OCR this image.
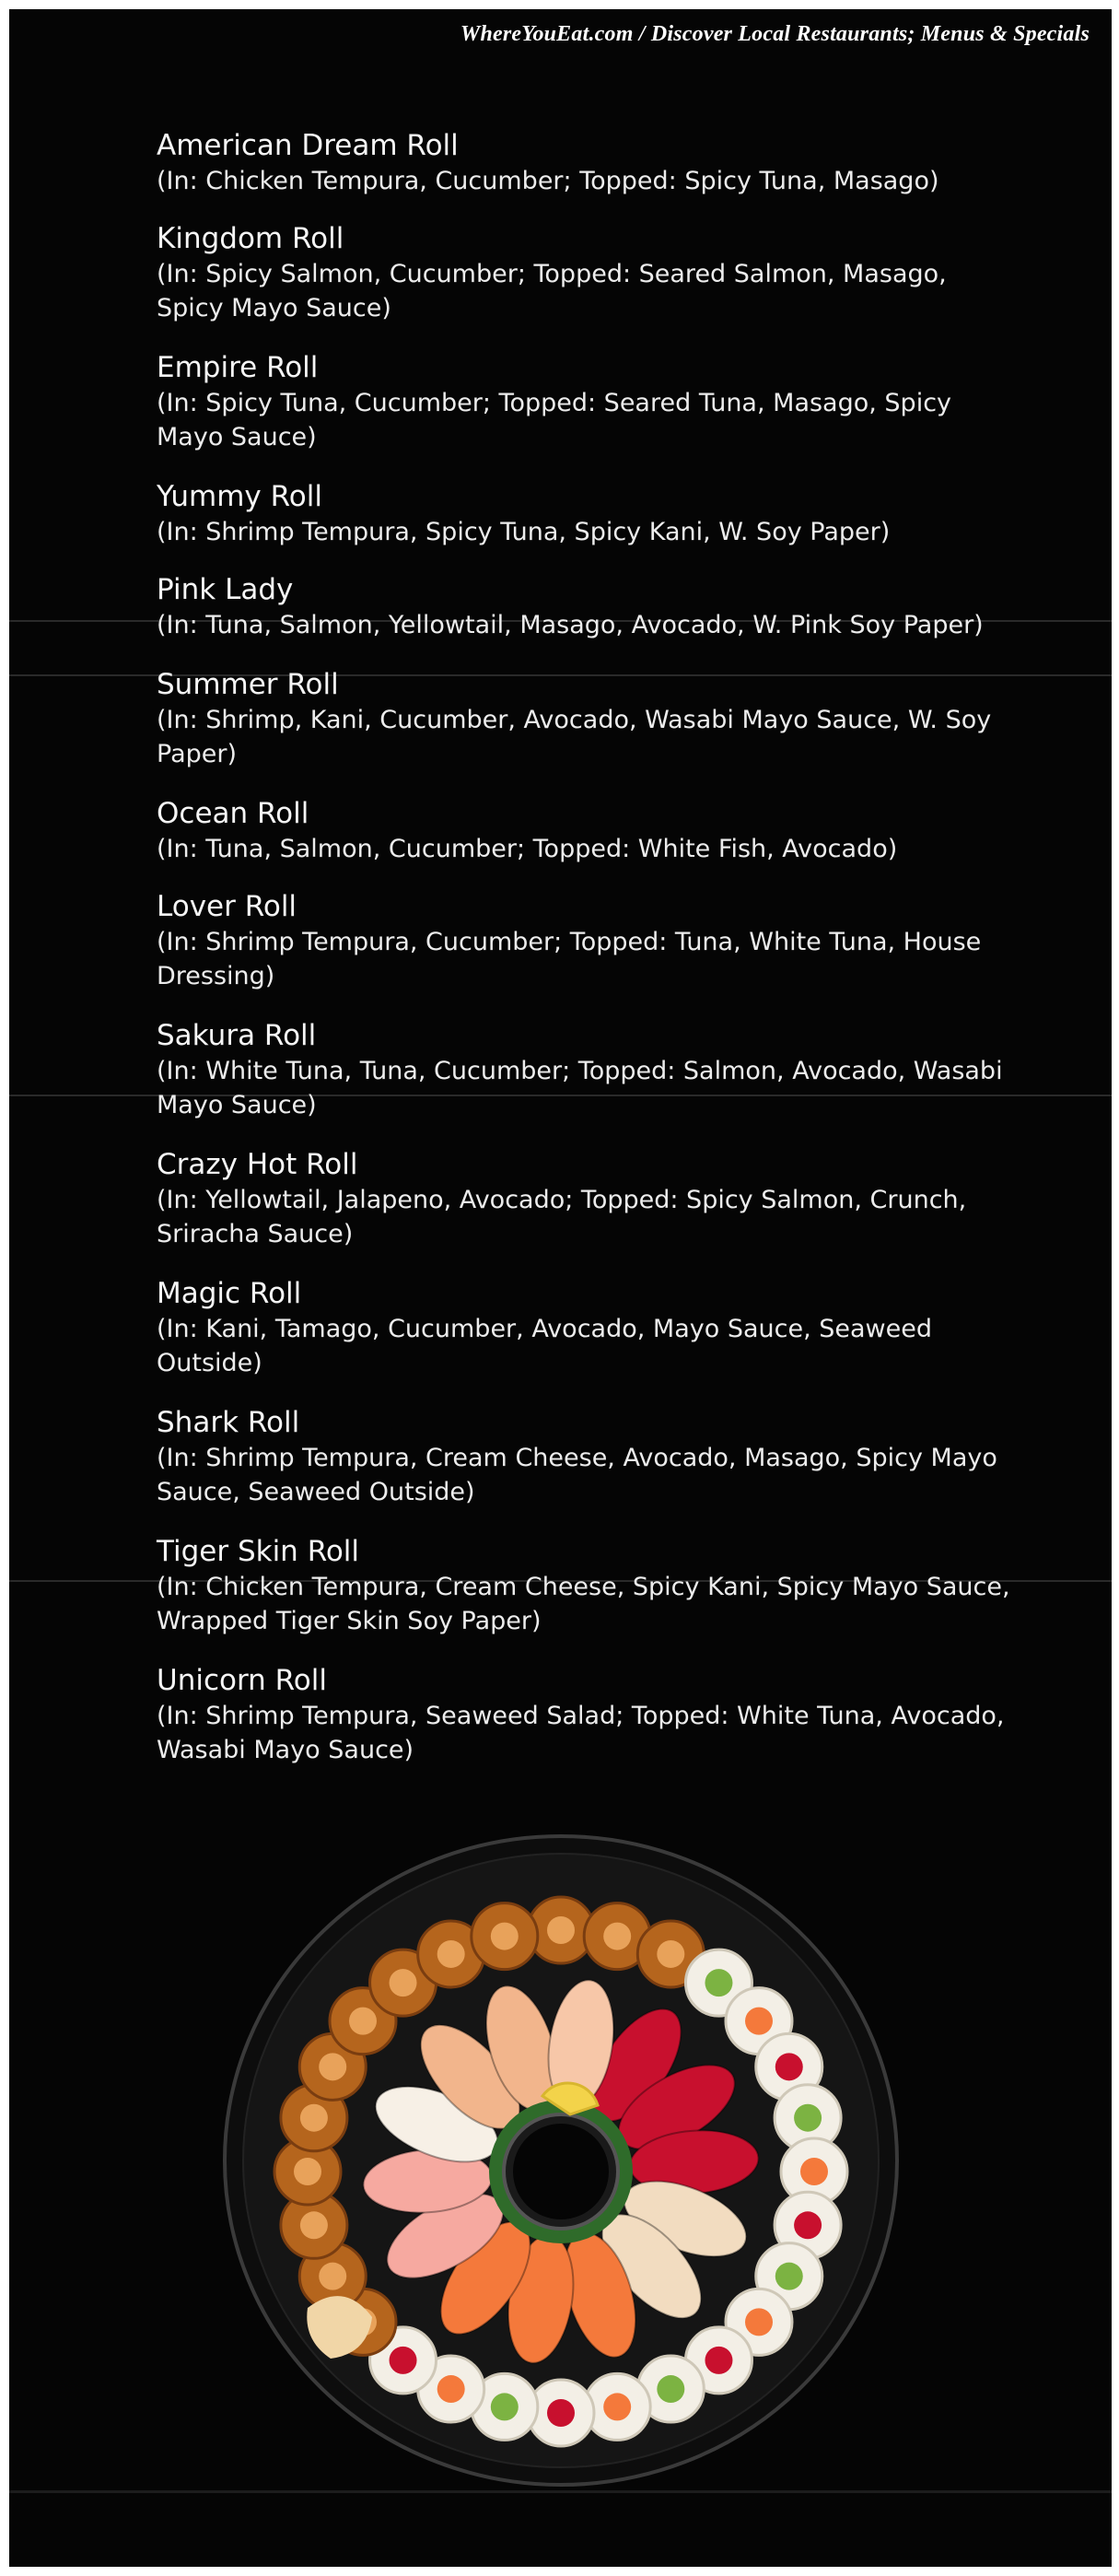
WhereYouEat.com / Discover Local Restaurants; Menus & Specials
American Dream Roll
(In: Chicken Tempura, Cucumber; Topped: Spicy Tuna, Masago)
Kingdom Roll
(In: Spicy Salmon, Cucumber; Topped: Seared Salmon, Masago, Spicy Mayo Sauce)
Empire Roll
(In: Spicy Tuna, Cucumber; Topped: Seared Tuna, Masago, Spicy Mayo Sauce)
Yummy Roll
(In: Shrimp Tempura, Spicy Tuna, Spicy Kani, W. Soy Paper)
Pink Lady
(In: Tuna, Salmon, Yellowtail, Masago, Avocado, W. Pink Soy Paper)
Summer Roll
(In: Shrimp, Kani, Cucumber, Avocado, Wasabi Mayo Sauce, W. Soy Paper)
Ocean Roll
(In: Tuna, Salmon, Cucumber; Topped: White Fish, Avocado)
Lover Roll
(In: Shrimp Tempura, Cucumber; Topped: Tuna, White Tuna, House Dressing)
Sakura Roll
(In: White Tuna, Tuna, Cucumber; Topped: Salmon, Avocado, Wasabi Mayo Sauce)
Crazy Hot Roll
(In: Yellowtail, Jalapeno, Avocado; Topped: Spicy Salmon, Crunch, Sriracha Sauce)
Magic Roll
(In: Kani, Tamago, Cucumber, Avocado, Mayo Sauce, Seaweed Outside)
Shark Roll
(In: Shrimp Tempura, Cream Cheese, Avocado, Masago, Spicy Mayo Sauce, Seaweed Outside)
Tiger Skin Roll
(In: Chicken Tempura, Cream Cheese, Spicy Kani, Spicy Mayo Sauce, Wrapped Tiger Skin Soy Paper)
Unicorn Roll
(In: Shrimp Tempura, Seaweed Salad; Topped: White Tuna, Avocado, Wasabi Mayo Sauce)
